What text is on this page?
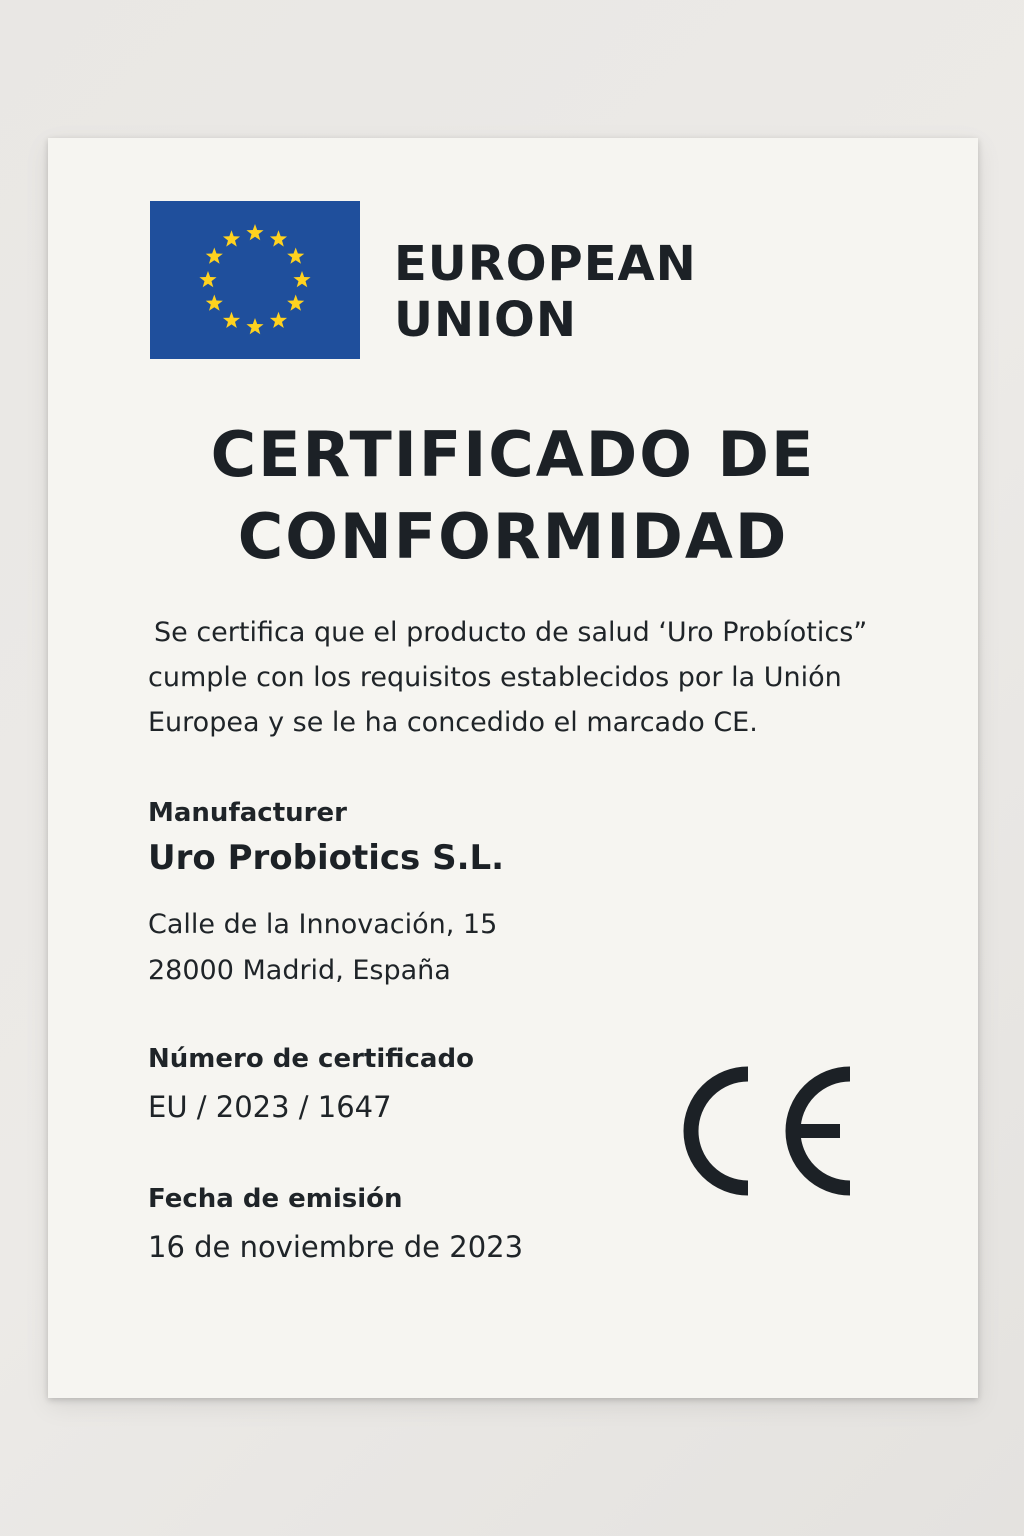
EUROPEAN
UNION
CERTIFICADO DE
CONFORMIDAD

Se certifica que el producto de salud ‘Uro Probíotics”
cumple con los requisitos establecidos por la Unión
Europea y se le ha concedido el marcado CE.

Manufacturer

Uro Probiotics S.L.

Calle de la Innovación, 15
28000 Madrid, España

Número de certificado

EU / 2023 / 1647

Fecha de emisión

16 de noviembre de 2023
